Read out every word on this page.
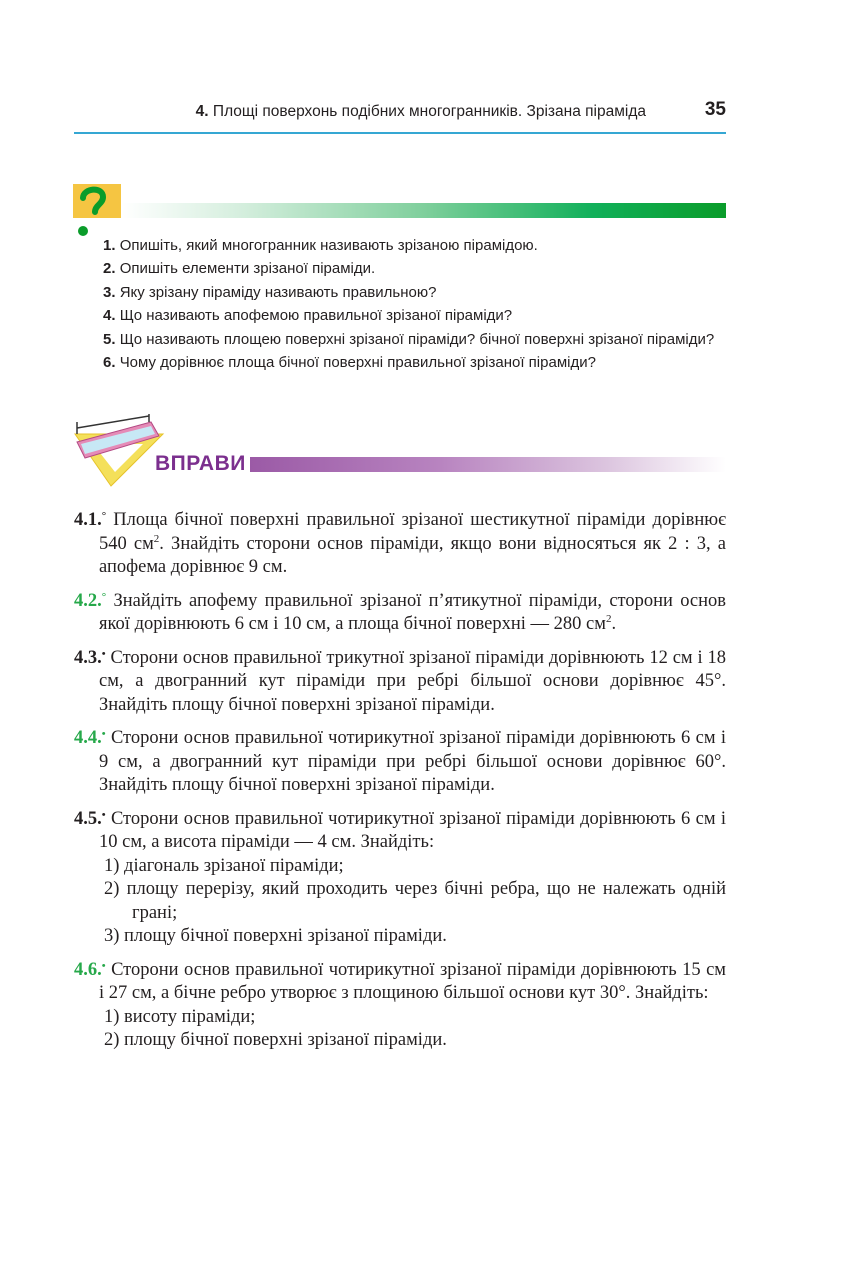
4. Площі поверхонь подібних многогранників. Зрізана піраміда	35
1. Опишіть, який многогранник називають зрізаною пірамідою.
2. Опишіть елементи зрізаної піраміди.
3. Яку зрізану піраміду називають правильною?
4. Що називають апофемою правильної зрізаної піраміди?
5. Що називають площею поверхні зрізаної піраміди? бічної поверхні зрізаної піраміди?
6. Чому дорівнює площа бічної поверхні правильної зрізаної піраміди?
ВПРАВИ

4.1.° Площа бічної поверхні правильної зрізаної шестикутної піраміди дорівнює 540 $см^2$. Знайдіть сторони основ піраміди, якщо вони відносяться як 2 : 3, а апофема дорівнює 9 см.

4.2.° Знайдіть апофему правильної зрізаної п’ятикутної піраміди, сторони основ якої дорівнюють 6 см і 10 см, а площа бічної поверхні — 280 $см^2$.

4.3.• Сторони основ правильної трикутної зрізаної піраміди дорівнюють 12 см і 18 см, а двогранний кут піраміди при ребрі більшої основи дорівнює 45°. Знайдіть площу бічної поверхні зрізаної піраміди.

4.4.• Сторони основ правильної чотирикутної зрізаної піраміди дорівнюють 6 см і 9 см, а двогранний кут піраміди при ребрі більшої основи дорівнює 60°. Знайдіть площу бічної поверхні зрізаної піраміди.

4.5.• Сторони основ правильної чотирикутної зрізаної піраміди дорівнюють 6 см і 10 см, а висота піраміди — 4 см. Знайдіть:

1) діагональ зрізаної піраміди;
2) площу перерізу, який проходить через бічні ребра, що не належать одній грані;
3) площу бічної поверхні зрізаної піраміди.

4.6.• Сторони основ правильної чотирикутної зрізаної піраміди дорівнюють 15 см і 27 см, а бічне ребро утворює з площиною більшої основи кут 30°. Знайдіть:

1) висоту піраміди;
2) площу бічної поверхні зрізаної піраміди.
